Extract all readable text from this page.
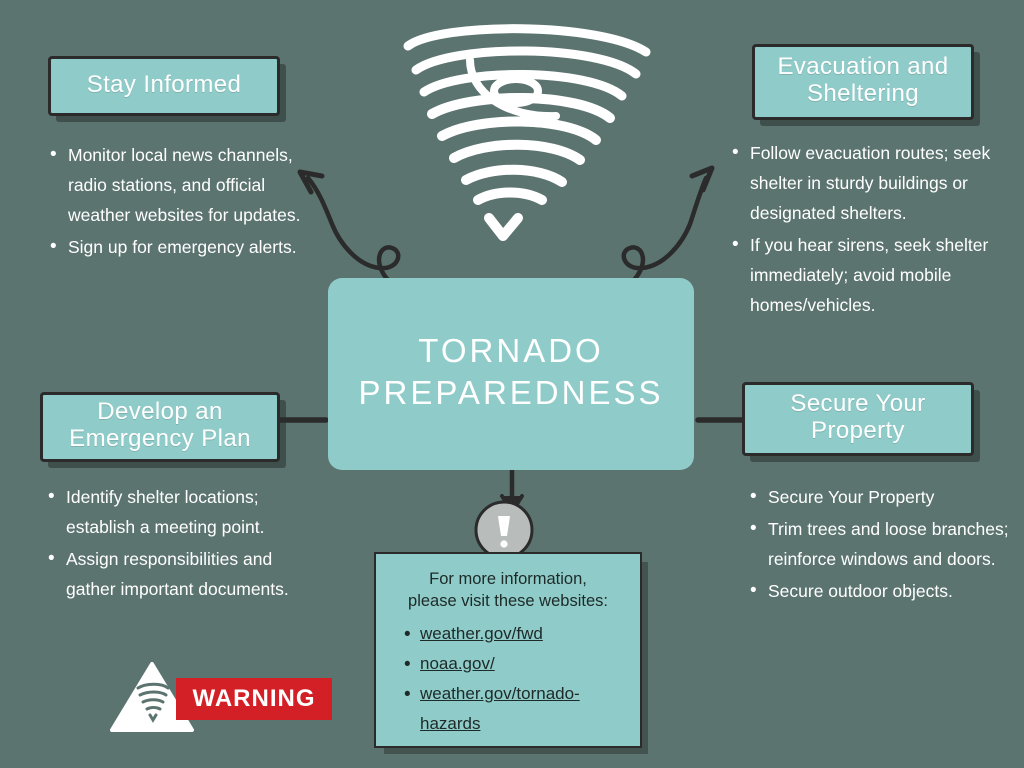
Stay Informed
Evacuation and Sheltering
Develop an Emergency Plan
Secure Your Property
• Monitor local news channels, radio stations, and official weather websites for updates.
• Sign up for emergency alerts.
• Follow evacuation routes; seek shelter in sturdy buildings or designated shelters.
• If you hear sirens, seek shelter immediately; avoid mobile homes/vehicles.
• Identify shelter locations; establish a meeting point.
• Assign responsibilities and gather important documents.
• Secure Your Property
• Trim trees and loose branches; reinforce windows and doors.
• Secure outdoor objects.
TORNADO PREPAREDNESS

For more information,
please visit these websites:

• weather.gov/fwd
• noaa.gov/
• weather.gov/tornado-hazards
WARNING
